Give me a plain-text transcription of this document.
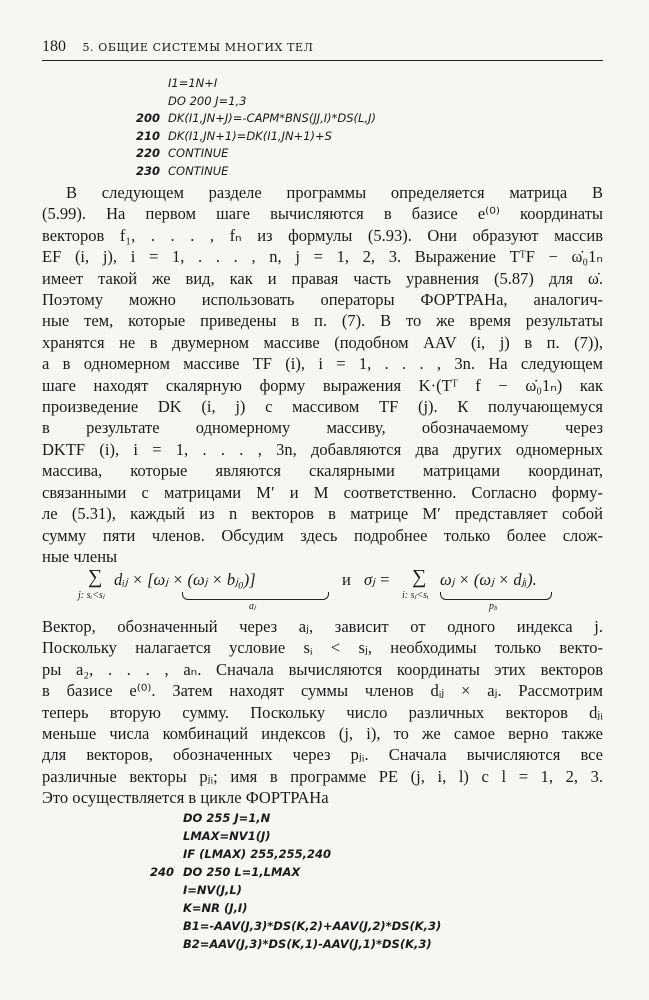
180 5. ОБЩИЕ СИСТЕМЫ МНОГИХ ТЕЛ
I1=1N+I
DO 200 J=1,3
200 DK(I1,JN+J)=-CAPM*BNS(JJ,I)*DS(L,J)
210 DK(I1,JN+1)=DK(I1,JN+1)+S
220 CONTINUE
230 CONTINUE
В следующем разделе программы определяется матрица B
(5.99). На первом шаге вычисляются в базисе e⁽⁰⁾ координаты
векторов f₁, . . . , fₙ из формулы (5.93). Они образуют массив
EF (i, j), i = 1, . . . , n, j = 1, 2, 3. Выражение TᵀF − ω̇₀1ₙ
имеет такой же вид, как и правая часть уравнения (5.87) для ω̇.
Поэтому можно использовать операторы ФОРТРАНа, аналогич-
ные тем, которые приведены в п. (7). В то же время результаты
хранятся не в двумерном массиве (подобном AAV (i, j) в п. (7)),
а в одномерном массиве TF (i), i = 1, . . . , 3n. На следующем
шаге находят скалярную форму выражения K·(Tᵀ f − ω̇₀1ₙ) как
произведение DK (i, j) с массивом TF (j). К получающемуся
в результате одномерному массиву, обозначаемому через
DKTF (i), i = 1, . . . , 3n, добавляются два других одномерных
массива, которые являются скалярными матрицами координат,
связанными с матрицами M′ и M соответственно. Согласно форму-
ле (5.31), каждый из n векторов в матрице M′ представляет собой
сумму пяти членов. Обсудим здесь подробнее только более слож-
ные члены
∑
j: sᵢ<sⱼ
dᵢⱼ × [ωⱼ × (ωⱼ × bⱼ₀)]
aⱼ
и σⱼ = ∑
i: sⱼ<sᵢ
ωⱼ × (ωⱼ × dⱼᵢ).
pⱼᵢ
Вектор, обозначенный через aⱼ, зависит от одного индекса j.
Поскольку налагается условие sᵢ < sⱼ, необходимы только векто-
ры a₂, . . . , aₙ. Сначала вычисляются координаты этих векторов
в базисе e⁽⁰⁾. Затем находят суммы членов dᵢⱼ × aⱼ. Рассмотрим
теперь вторую сумму. Поскольку число различных векторов dⱼᵢ
меньше числа комбинаций индексов (j, i), то же самое верно также
для векторов, обозначенных через pⱼᵢ. Сначала вычисляются все
различные векторы pⱼᵢ; имя в программе PE (j, i, l) с l = 1, 2, 3.
Это осуществляется в цикле ФОРТРАНа
DO 255 J=1,N
LMAX=NV1(J)
IF (LMAX) 255,255,240
240 DO 250 L=1,LMAX
I=NV(J,L)
K=NR (J,I)
B1=-AAV(J,3)*DS(K,2)+AAV(J,2)*DS(K,3)
B2=AAV(J,3)*DS(K,1)-AAV(J,1)*DS(K,3)
